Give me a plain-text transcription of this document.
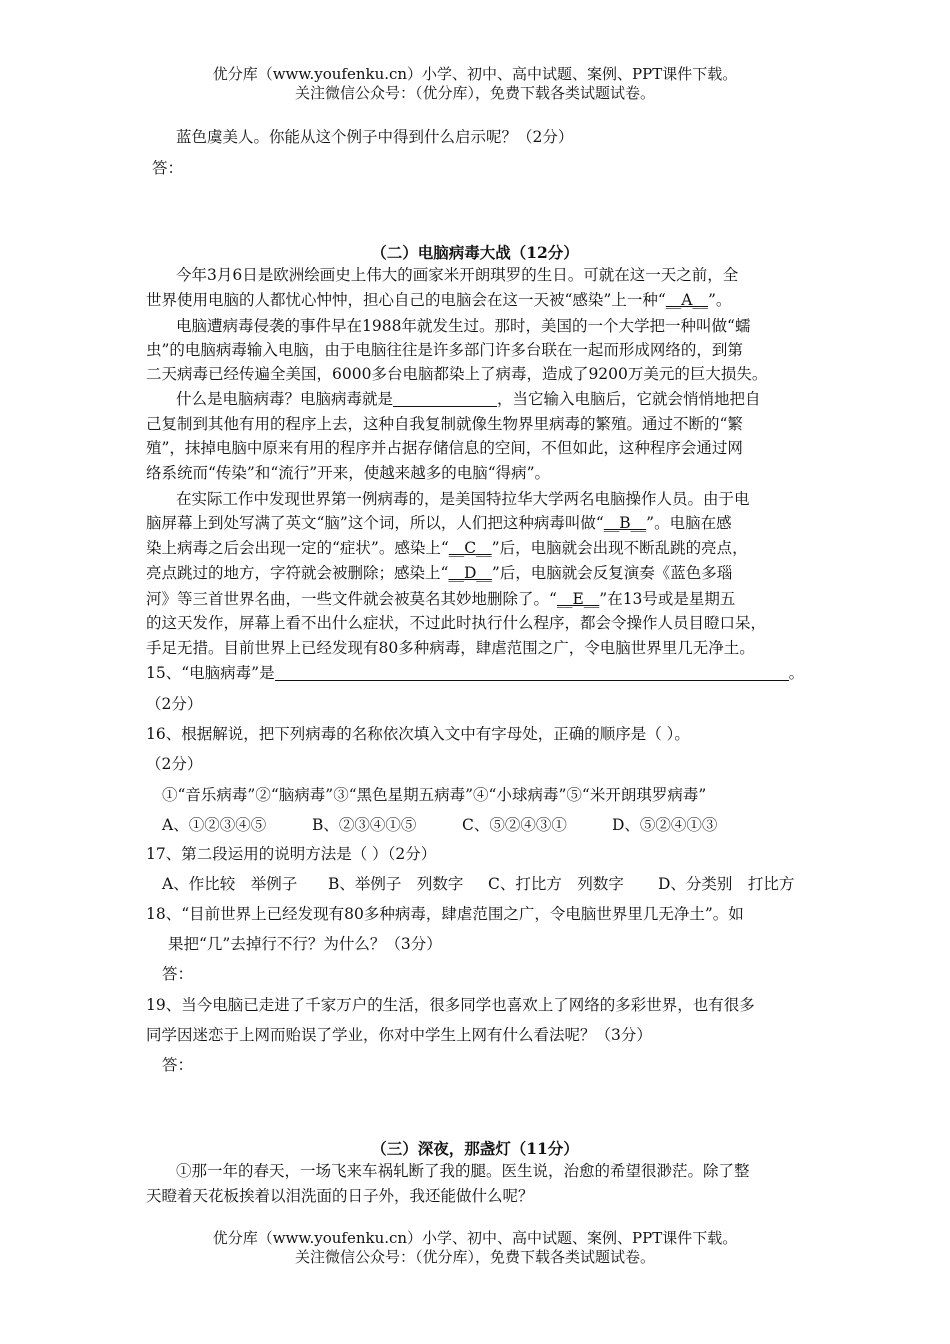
优分库（www.youfenku.cn）小学、初中、高中试题、案例、PPT课件下载。
关注微信公众号：（优分库），免费下载各类试题试卷。
蓝色虞美人。你能从这个例子中得到什么启示呢？（2分）
答：
（二）电脑病毒大战（12分）
今年3月6日是欧洲绘画史上伟大的画家米开朗琪罗的生日。可就在这一天之前，全
世界使用电脑的人都忧心忡忡，担心自己的电脑会在这一天被“感染”上一种“__A__”。
电脑遭病毒侵袭的事件早在1988年就发生过。那时，美国的一个大学把一种叫做“蠕
虫”的电脑病毒输入电脑，由于电脑往往是许多部门许多台联在一起而形成网络的，到第
二天病毒已经传遍全美国，6000多台电脑都染上了病毒，造成了9200万美元的巨大损失。
什么是电脑病毒？电脑病毒就是	，当它输入电脑后，它就会悄悄地把自
己复制到其他有用的程序上去，这种自我复制就像生物界里病毒的繁殖。通过不断的“繁
殖”，抹掉电脑中原来有用的程序并占据存储信息的空间，不但如此，这种程序会通过网
络系统而“传染”和“流行”开来，使越来越多的电脑“得病”。
在实际工作中发现世界第一例病毒的，是美国特拉华大学两名电脑操作人员。由于电
脑屏幕上到处写满了英文“脑”这个词，所以，人们把这种病毒叫做“__B__”。电脑在感
染上病毒之后会出现一定的“症状”。感染上“__C__”后，电脑就会出现不断乱跳的亮点，
亮点跳过的地方，字符就会被删除；感染上“__D__”后，电脑就会反复演奏《蓝色多瑙
河》等三首世界名曲，一些文件就会被莫名其妙地删除了。“__E__”在13号或是星期五
的这天发作，屏幕上看不出什么症状，不过此时执行什么程序，都会令操作人员目瞪口呆，
手足无措。目前世界上已经发现有80多种病毒，肆虐范围之广，令电脑世界里几无净土。
15、“电脑病毒”是	。
（2分）
16、根据解说，把下列病毒的名称依次填入文中有字母处，正确的顺序是（ ）。
（2分）
①“音乐病毒”②“脑病毒”③“黑色星期五病毒”④“小球病毒”⑤“米开朗琪罗病毒”
A、①②③④⑤	B、②③④①⑤	C、⑤②④③①	D、⑤②④①③
17、第二段运用的说明方法是（ ）（2分）
A、作比较　举例子 B、举例子　列数字 C、打比方　列数字 D、分类别　打比方
18、“目前世界上已经发现有80多种病毒，肆虐范围之广，令电脑世界里几无净土”。如
果把“几”去掉行不行？为什么？（3分）
答：
19、当今电脑已走进了千家万户的生活，很多同学也喜欢上了网络的多彩世界，也有很多
同学因迷恋于上网而贻误了学业，你对中学生上网有什么看法呢？（3分）
答：
（三）深夜，那盏灯（11分）
①那一年的春天，一场飞来车祸轧断了我的腿。医生说，治愈的希望很渺茫。除了整
天瞪着天花板挨着以泪洗面的日子外，我还能做什么呢？
优分库（www.youfenku.cn）小学、初中、高中试题、案例、PPT课件下载。
关注微信公众号：（优分库），免费下载各类试题试卷。
